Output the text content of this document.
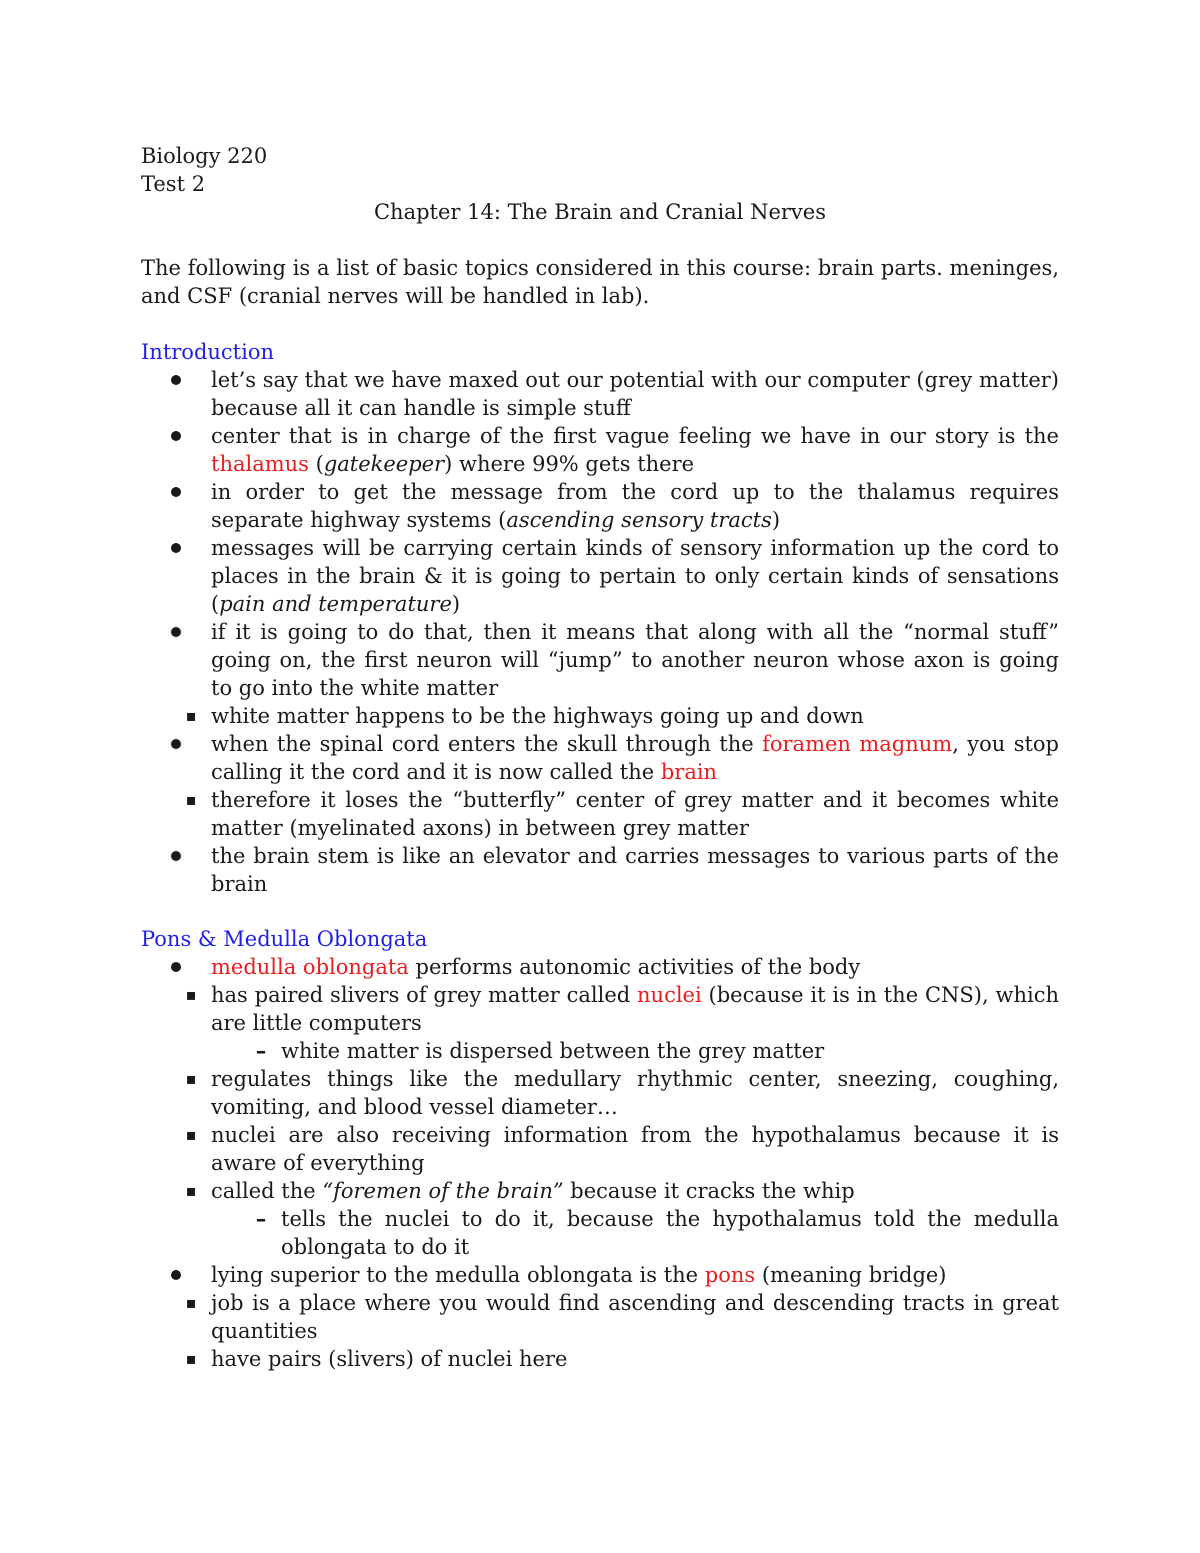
Biology 220
Test 2
Chapter 14: The Brain and Cranial Nerves
The following is a list of basic topics considered in this course: brain parts. meninges, and CSF (cranial nerves will be handled in lab).
Introduction
let’s say that we have maxed out our potential with our computer (grey matter) because all it can handle is simple stuff
center that is in charge of the first vague feeling we have in our story is the thalamus (gatekeeper) where 99% gets there
in order to get the message from the cord up to the thalamus requires separate highway systems (ascending sensory tracts)
messages will be carrying certain kinds of sensory information up the cord to places in the brain & it is going to pertain to only certain kinds of sensations (pain and temperature)
if it is going to do that, then it means that along with all the “normal stuff” going on, the first neuron will “jump” to another neuron whose axon is going to go into the white matter
▪ white matter happens to be the highways going up and down
when the spinal cord enters the skull through the foramen magnum, you stop calling it the cord and it is now called the brain
▪ therefore it loses the “butterfly” center of grey matter and it becomes white matter (myelinated axons) in between grey matter
the brain stem is like an elevator and carries messages to various parts of the brain
Pons & Medulla Oblongata
medulla oblongata performs autonomic activities of the body
▪ has paired slivers of grey matter called nuclei (because it is in the CNS), which are little computers
– white matter is dispersed between the grey matter
▪ regulates things like the medullary rhythmic center, sneezing, coughing, vomiting, and blood vessel diameter…
▪ nuclei are also receiving information from the hypothalamus because it is aware of everything
▪ called the “foremen of the brain” because it cracks the whip
– tells the nuclei to do it, because the hypothalamus told the medulla oblongata to do it
lying superior to the medulla oblongata is the pons (meaning bridge)
▪ job is a place where you would find ascending and descending tracts in great quantities
▪ have pairs (slivers) of nuclei here
